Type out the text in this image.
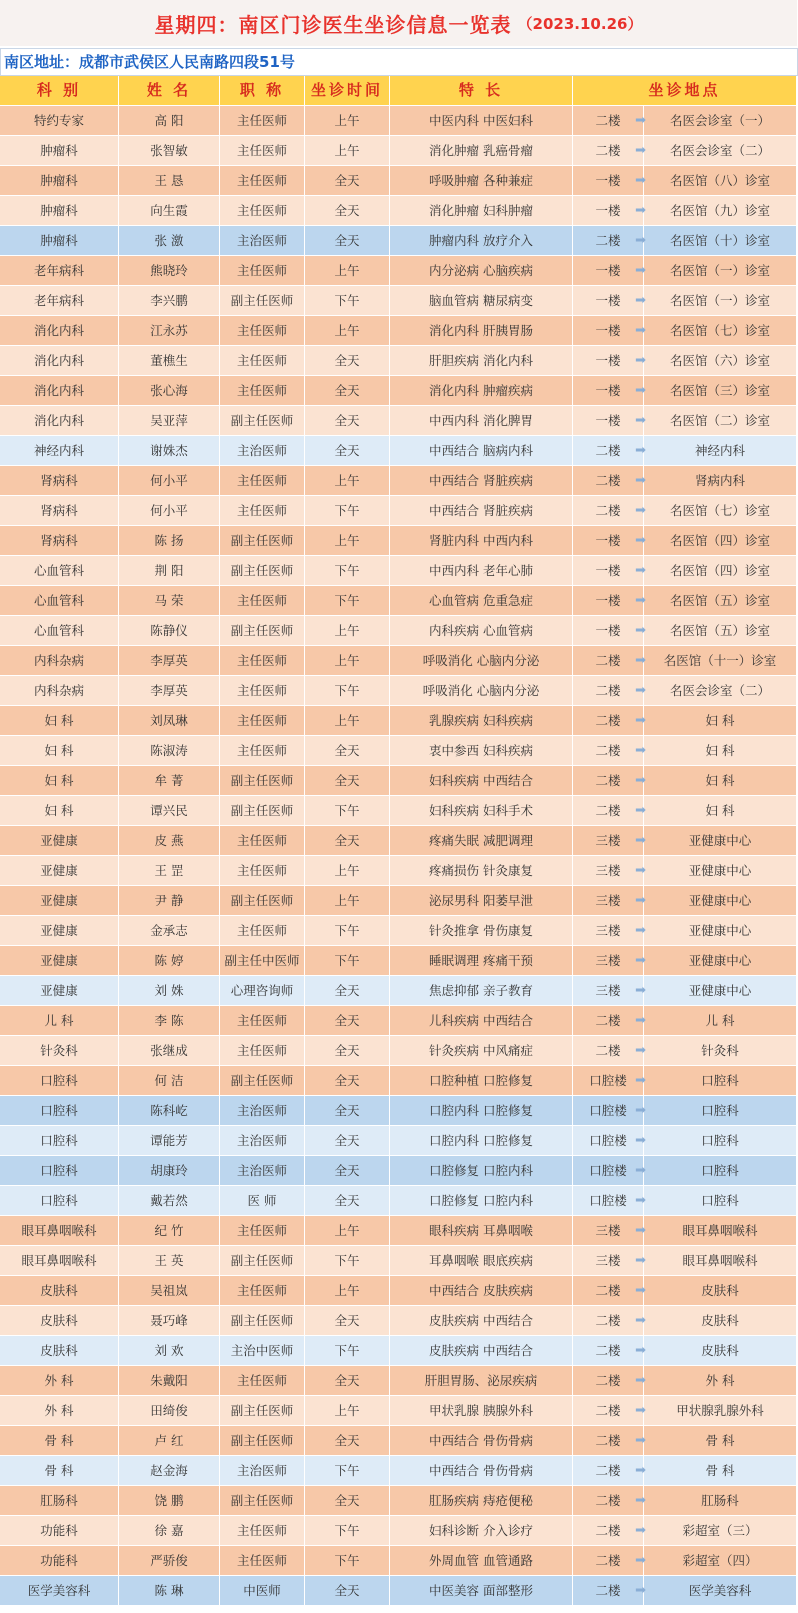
星期四：南区门诊医生坐诊信息一览表 （2023.10.26）
南区地址：成都市武侯区人民南路四段51号
科 别	姓 名	职 称	坐诊时间	特 长	坐诊地点
特约专家	高 阳	主任医师	上午	中医内科 中医妇科	二楼 ➡	名医会诊室（一）
肿瘤科	张智敏	主任医师	上午	消化肿瘤 乳癌骨瘤	二楼 ➡	名医会诊室（二）
肿瘤科	王 恳	主任医师	全天	呼吸肿瘤 各种兼症	一楼 ➡	名医馆（八）诊室
肿瘤科	向生霞	主任医师	全天	消化肿瘤 妇科肿瘤	一楼 ➡	名医馆（九）诊室
肿瘤科	张 激	主治医师	全天	肿瘤内科 放疗介入	二楼 ➡	名医馆（十）诊室
老年病科	熊晓玲	主任医师	上午	内分泌病 心脑疾病	一楼 ➡	名医馆（一）诊室
老年病科	李兴鹏	副主任医师	下午	脑血管病 糖尿病变	一楼 ➡	名医馆（一）诊室
消化内科	江永苏	主任医师	上午	消化内科 肝胰胃肠	一楼 ➡	名医馆（七）诊室
消化内科	董樵生	主任医师	全天	肝胆疾病 消化内科	一楼 ➡	名医馆（六）诊室
消化内科	张心海	主任医师	全天	消化内科 肿瘤疾病	一楼 ➡	名医馆（三）诊室
消化内科	吴亚萍	副主任医师	全天	中西内科 消化脾胃	一楼 ➡	名医馆（二）诊室
神经内科	谢姝杰	主治医师	全天	中西结合 脑病内科	二楼 ➡	神经内科
肾病科	何小平	主任医师	上午	中西结合 肾脏疾病	二楼 ➡	肾病内科
肾病科	何小平	主任医师	下午	中西结合 肾脏疾病	二楼 ➡	名医馆（七）诊室
肾病科	陈 扬	副主任医师	上午	肾脏内科 中西内科	一楼 ➡	名医馆（四）诊室
心血管科	荆 阳	副主任医师	下午	中西内科 老年心肺	一楼 ➡	名医馆（四）诊室
心血管科	马 荣	主任医师	下午	心血管病 危重急症	一楼 ➡	名医馆（五）诊室
心血管科	陈静仪	副主任医师	上午	内科疾病 心血管病	一楼 ➡	名医馆（五）诊室
内科杂病	李厚英	主任医师	上午	呼吸消化 心脑内分泌	二楼 ➡	名医馆（十一）诊室
内科杂病	李厚英	主任医师	下午	呼吸消化 心脑内分泌	二楼 ➡	名医会诊室（二）
妇 科	刘凤琳	主任医师	上午	乳腺疾病 妇科疾病	二楼 ➡	妇 科
妇 科	陈淑涛	主任医师	全天	衷中参西 妇科疾病	二楼 ➡	妇 科
妇 科	牟 菁	副主任医师	全天	妇科疾病 中西结合	二楼 ➡	妇 科
妇 科	谭兴民	副主任医师	下午	妇科疾病 妇科手术	二楼 ➡	妇 科
亚健康	皮 燕	主任医师	全天	疼痛失眠 减肥调理	三楼 ➡	亚健康中心
亚健康	王 罡	主任医师	上午	疼痛损伤 针灸康复	三楼 ➡	亚健康中心
亚健康	尹 静	副主任医师	上午	泌尿男科 阳萎早泄	三楼 ➡	亚健康中心
亚健康	金承志	主任医师	下午	针灸推拿 骨伤康复	三楼 ➡	亚健康中心
亚健康	陈 婷	副主任中医师	下午	睡眠调理 疼痛干预	三楼 ➡	亚健康中心
亚健康	刘 姝	心理咨询师	全天	焦虑抑郁 亲子教育	三楼 ➡	亚健康中心
儿 科	李 陈	主任医师	全天	儿科疾病 中西结合	二楼 ➡	儿 科
针灸科	张继成	主任医师	全天	针灸疾病 中风痛症	二楼 ➡	针灸科
口腔科	何 洁	副主任医师	全天	口腔种植 口腔修复	口腔楼 ➡	口腔科
口腔科	陈科屹	主治医师	全天	口腔内科 口腔修复	口腔楼 ➡	口腔科
口腔科	谭能芳	主治医师	全天	口腔内科 口腔修复	口腔楼 ➡	口腔科
口腔科	胡康玲	主治医师	全天	口腔修复 口腔内科	口腔楼 ➡	口腔科
口腔科	戴若然	医 师	全天	口腔修复 口腔内科	口腔楼 ➡	口腔科
眼耳鼻咽喉科	纪 竹	主任医师	上午	眼科疾病 耳鼻咽喉	三楼 ➡	眼耳鼻咽喉科
眼耳鼻咽喉科	王 英	副主任医师	下午	耳鼻咽喉 眼底疾病	三楼 ➡	眼耳鼻咽喉科
皮肤科	吴祖岚	主任医师	上午	中西结合 皮肤疾病	二楼 ➡	皮肤科
皮肤科	聂巧峰	副主任医师	全天	皮肤疾病 中西结合	二楼 ➡	皮肤科
皮肤科	刘 欢	主治中医师	下午	皮肤疾病 中西结合	二楼 ➡	皮肤科
外 科	朱戴阳	主任医师	全天	肝胆胃肠、泌尿疾病	二楼 ➡	外 科
外 科	田绮俊	副主任医师	上午	甲状乳腺 胰腺外科	二楼 ➡	甲状腺乳腺外科
骨 科	卢 红	副主任医师	全天	中西结合 骨伤骨病	二楼 ➡	骨 科
骨 科	赵金海	主治医师	下午	中西结合 骨伤骨病	二楼 ➡	骨 科
肛肠科	饶 鹏	副主任医师	全天	肛肠疾病 痔疮便秘	二楼 ➡	肛肠科
功能科	徐 嘉	主任医师	下午	妇科诊断 介入诊疗	二楼 ➡	彩超室（三）
功能科	严骄俊	主任医师	下午	外周血管 血管通路	二楼 ➡	彩超室（四）
医学美容科	陈 琳	中医师	全天	中医美容 面部整形	二楼 ➡	医学美容科
